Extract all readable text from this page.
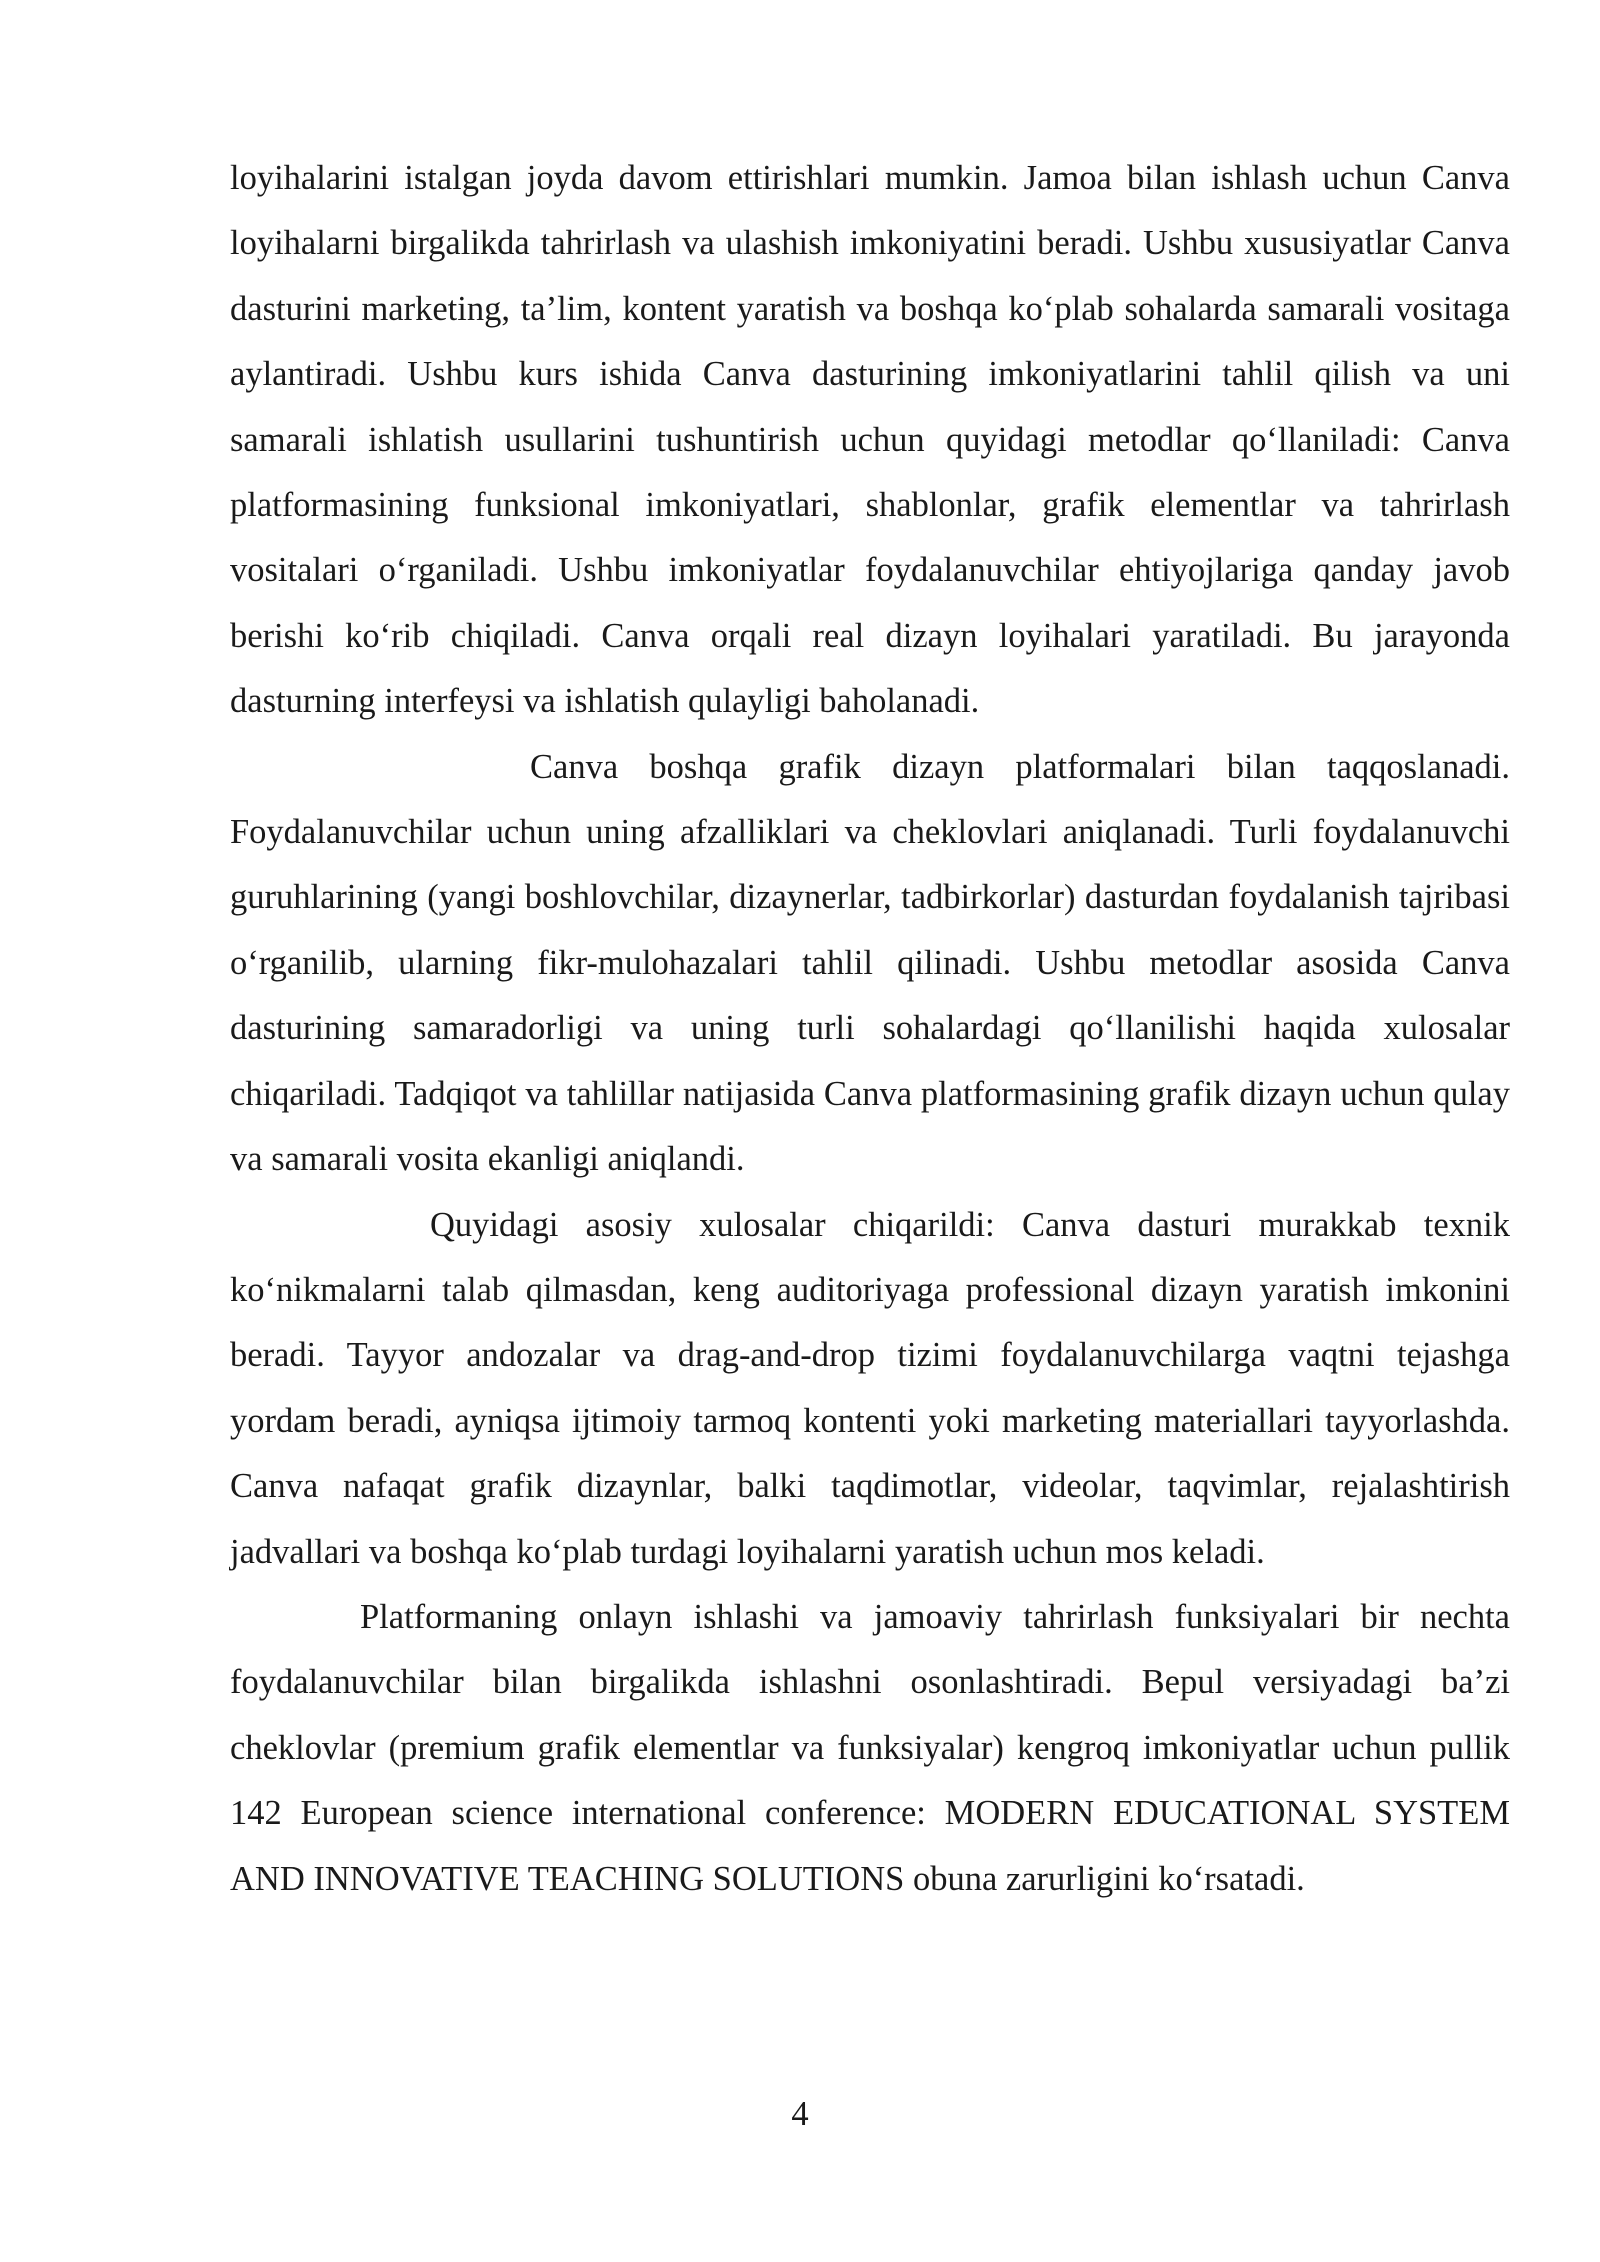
loyihalarini istalgan joyda davom ettirishlari mumkin. Jamoa bilan ishlash uchun Canva loyihalarni birgalikda tahrirlash va ulashish imkoniyatini beradi. Ushbu xususiyatlar Canva dasturini marketing, ta’lim, kontent yaratish va boshqa ko‘plab sohalarda samarali vositaga aylantiradi. Ushbu kurs ishida Canva dasturining imkoniyatlarini tahlil qilish va uni samarali ishlatish usullarini tushuntirish uchun quyidagi metodlar qo‘llaniladi: Canva platformasining funksional imkoniyatlari, shablonlar, grafik elementlar va tahrirlash vositalari o‘rganiladi. Ushbu imkoniyatlar foydalanuvchilar ehtiyojlariga qanday javob berishi ko‘rib chiqiladi. Canva orqali real dizayn loyihalari yaratiladi. Bu jarayonda dasturning interfeysi va ishlatish qulayligi baholanadi.

Canva boshqa grafik dizayn platformalari bilan taqqoslanadi. Foydalanuvchilar uchun uning afzalliklari va cheklovlari aniqlanadi. Turli foydalanuvchi guruhlarining (yangi boshlovchilar, dizaynerlar, tadbirkorlar) dasturdan foydalanish tajribasi o‘rganilib, ularning fikr-mulohazalari tahlil qilinadi. Ushbu metodlar asosida Canva dasturining samaradorligi va uning turli sohalardagi qo‘llanilishi haqida xulosalar chiqariladi. Tadqiqot va tahlillar natijasida Canva platformasining grafik dizayn uchun qulay va samarali vosita ekanligi aniqlandi.

Quyidagi asosiy xulosalar chiqarildi: Canva dasturi murakkab texnik ko‘nikmalarni talab qilmasdan, keng auditoriyaga professional dizayn yaratish imkonini beradi. Tayyor andozalar va drag-and-drop tizimi foydalanuvchilarga vaqtni tejashga yordam beradi, ayniqsa ijtimoiy tarmoq kontenti yoki marketing materiallari tayyorlashda. Canva nafaqat grafik dizaynlar, balki taqdimotlar, videolar, taqvimlar, rejalashtirish jadvallari va boshqa ko‘plab turdagi loyihalarni yaratish uchun mos keladi.

Platformaning onlayn ishlashi va jamoaviy tahrirlash funksiyalari bir nechta foydalanuvchilar bilan birgalikda ishlashni osonlashtiradi. Bepul versiyadagi ba’zi cheklovlar (premium grafik elementlar va funksiyalar) kengroq imkoniyatlar uchun pullik 142 European science international conference: MODERN EDUCATIONAL SYSTEM AND INNOVATIVE TEACHING SOLUTIONS obuna zarurligini ko‘rsatadi.

4
